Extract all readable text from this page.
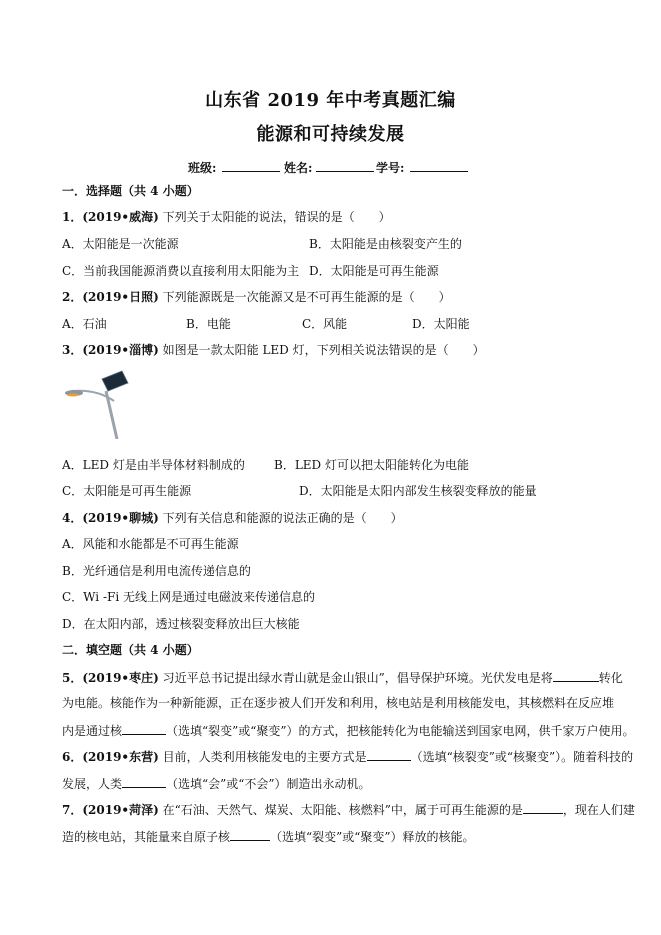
山东省 2019 年中考真题汇编
能源和可持续发展
班级:	姓名:	学号:
一．选择题（共 4 小题）
1．(2019•威海) 下列关于太阳能的说法，错误的是（　　）
A．太阳能是一次能源	B．太阳能是由核裂变产生的
C．当前我国能源消费以直接利用太阳能为主 D．太阳能是可再生能源
2．(2019•日照) 下列能源既是一次能源又是不可再生能源的是（　　）
A．石油	B．电能	C．风能	D．太阳能
3．(2019•淄博) 如图是一款太阳能 LED 灯，下列相关说法错误的是（　　）
A．LED 灯是由半导体材料制成的 B．LED 灯可以把太阳能转化为电能
C．太阳能是可再生能源	D．太阳能是太阳内部发生核裂变释放的能量
4．(2019•聊城) 下列有关信息和能源的说法正确的是（　　）
A．风能和水能都是不可再生能源
B．光纤通信是利用电流传递信息的
C．Wi -Fi 无线上网是通过电磁波来传递信息的
D．在太阳内部，透过核裂变释放出巨大核能
二．填空题（共 4 小题）
5．(2019•枣庄) 习近平总书记提出绿水青山就是金山银山”，倡导保护环境。光伏发电是将	转化
为电能。核能作为一种新能源，正在逐步被人们开发和利用，核电站是利用核能发电，其核燃料在反应堆
内是通过核	（选填“裂变”或“聚变”）的方式，把核能转化为电能输送到国家电网，供千家万户使用。
6．(2019•东营) 目前，人类利用核能发电的主要方式是	（选填“核裂变”或“核聚变”）。随着科技的
发展，人类	（选填“会”或“不会”）制造出永动机。
7．(2019•菏泽) 在“石油、天然气、煤炭、太阳能、核燃料”中，属于可再生能源的是	，现在人们建
造的核电站，其能量来自原子核	（选填“裂变”或“聚变”）释放的核能。
